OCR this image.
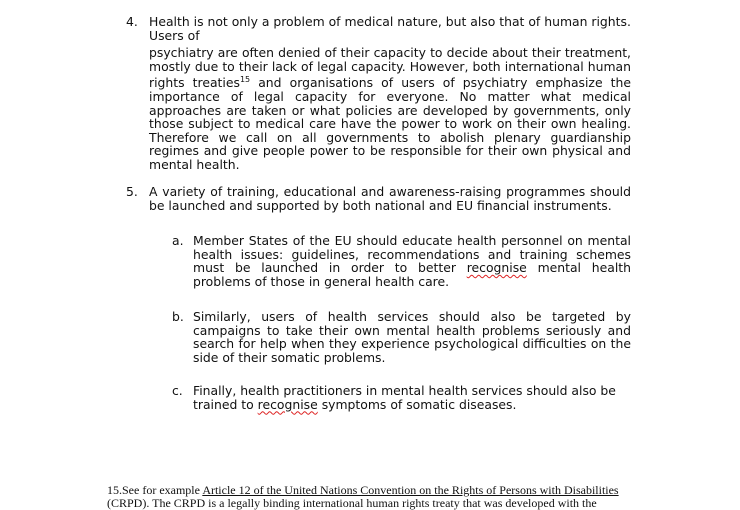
4. Health is not only a problem of medical nature, but also that of human rights.
Users of
psychiatry are often denied of their capacity to decide about their treatment,
mostly due to their lack of legal capacity. However, both international human
rights treaties$^{15}$ and organisations of users of psychiatry emphasize the
importance of legal capacity for everyone. No matter what medical approaches are taken or what policies are developed by governments, only those subject to medical care have the power to work on their own healing. Therefore we call on all governments to abolish plenary guardianship regimes and give people power to be responsible for their own physical and mental health.
5. A variety of training, educational and awareness-raising programmes should be launched and supported by both national and EU financial instruments.
a. Member States of the EU should educate health personnel on mental health issues: guidelines, recommendations and training schemes must be launched in order to better recognise mental health problems of those in general health care.
b. Similarly, users of health services should also be targeted by campaigns to take their own mental health problems seriously and search for help when they experience psychological difficulties on the side of their somatic problems.
c. Finally, health practitioners in mental health services should also be trained to recognise symptoms of somatic diseases.
15.See for example Article 12 of the United Nations Convention on the Rights of Persons with Disabilities
(CRPD). The CRPD is a legally binding international human rights treaty that was developed with the
